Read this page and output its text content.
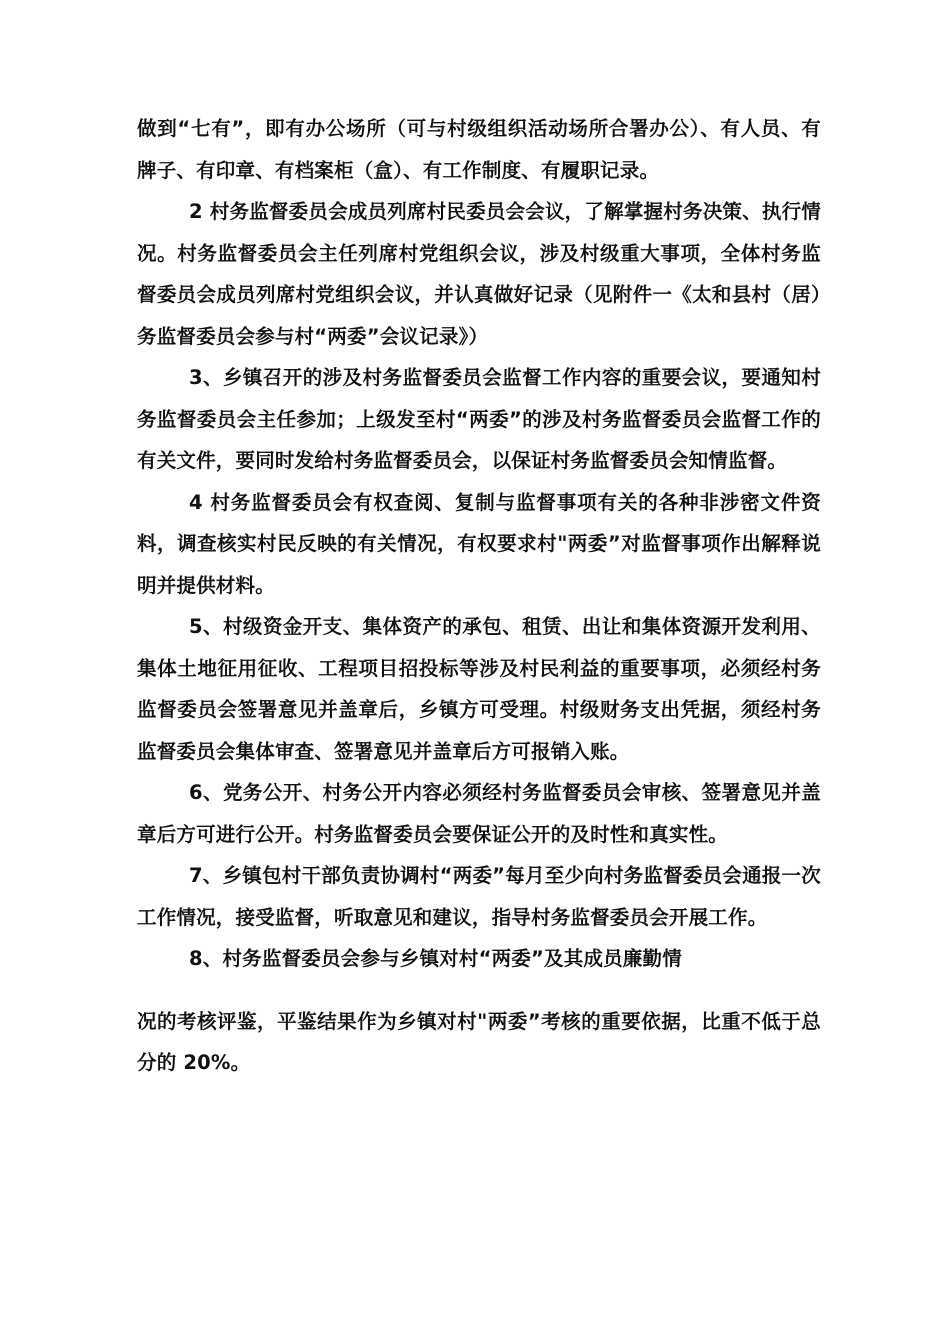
做到“七有”，即有办公场所（可与村级组织活动场所合署办公）、有人员、有牌子、有印章、有档案柜（盒）、有工作制度、有履职记录。

2 村务监督委员会成员列席村民委员会会议，了解掌握村务决策、执行情况。村务监督委员会主任列席村党组织会议，涉及村级重大事项，全体村务监督委员会成员列席村党组织会议，并认真做好记录（见附件一《太和县村（居）务监督委员会参与村“两委”会议记录》）

3、乡镇召开的涉及村务监督委员会监督工作内容的重要会议，要通知村务监督委员会主任参加；上级发至村“两委”的涉及村务监督委员会监督工作的有关文件，要同时发给村务监督委员会，以保证村务监督委员会知情监督。

4 村务监督委员会有权查阅、复制与监督事项有关的各种非涉密文件资料，调查核实村民反映的有关情况，有权要求村"两委”对监督事项作出解释说明并提供材料。

5、村级资金开支、集体资产的承包、租赁、出让和集体资源开发利用、集体土地征用征收、工程项目招投标等涉及村民利益的重要事项，必须经村务监督委员会签署意见并盖章后，乡镇方可受理。村级财务支出凭据，须经村务监督委员会集体审查、签署意见并盖章后方可报销入账。

6、党务公开、村务公开内容必须经村务监督委员会审核、签署意见并盖章后方可进行公开。村务监督委员会要保证公开的及时性和真实性。

7、乡镇包村干部负责协调村“两委”每月至少向村务监督委员会通报一次工作情况，接受监督，听取意见和建议，指导村务监督委员会开展工作。

8、村务监督委员会参与乡镇对村“两委”及其成员廉勤情

况的考核评鉴，平鉴结果作为乡镇对村"两委”考核的重要依据，比重不低于总分的 20%。
